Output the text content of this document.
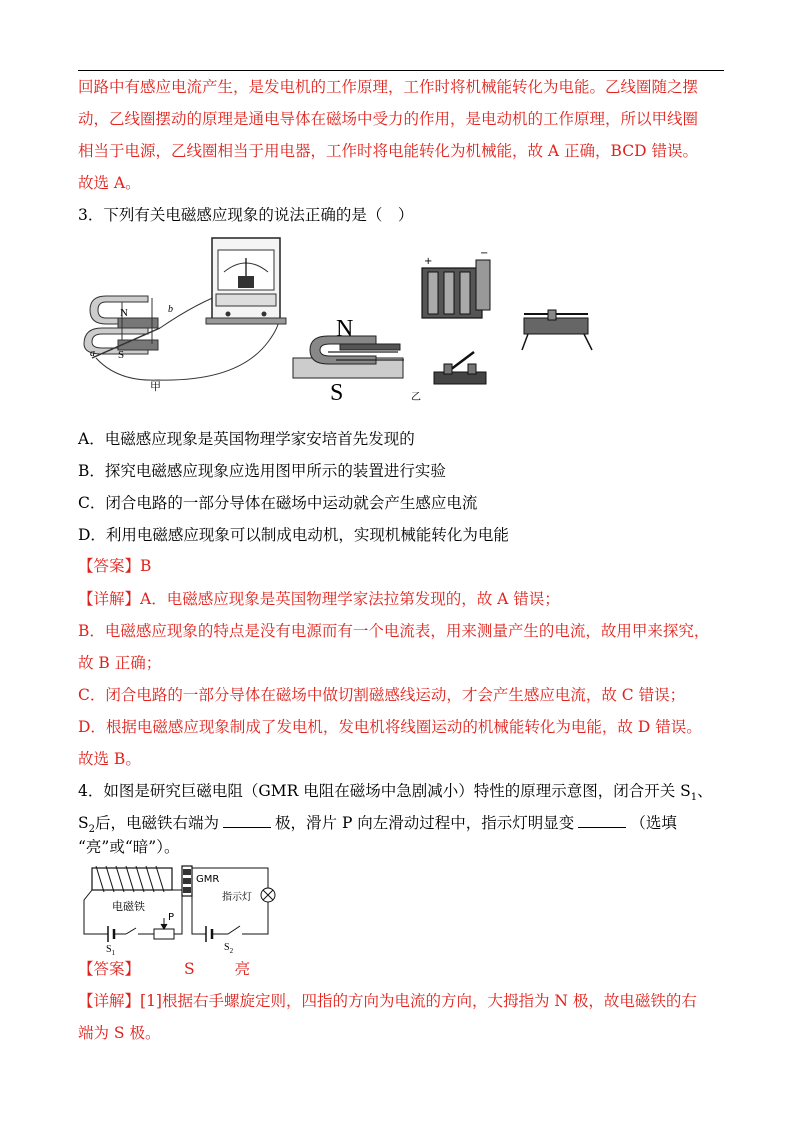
回路中有感应电流产生，是发电机的工作原理，工作时将机械能转化为电能。乙线圈随之摆
动，乙线圈摆动的原理是通电导体在磁场中受力的作用，是电动机的工作原理，所以甲线圈
相当于电源，乙线圈相当于用电器，工作时将电能转化为机械能，故 A 正确，BCD 错误。
故选 A。
3．下列有关电磁感应现象的说法正确的是（　）
N
S
a
b
甲
N
S	乙
+
−
A．电磁感应现象是英国物理学家安培首先发现的
B．探究电磁感应现象应选用图甲所示的装置进行实验
C．闭合电路的一部分导体在磁场中运动就会产生感应电流
D．利用电磁感应现象可以制成电动机，实现机械能转化为电能
【答案】B
【详解】A．电磁感应现象是英国物理学家法拉第发现的，故 A 错误；
B．电磁感应现象的特点是没有电源而有一个电流表，用来测量产生的电流，故用甲来探究，
故 B 正确；
C．闭合电路的一部分导体在磁场中做切割磁感线运动，才会产生感应电流，故 C 错误；
D．根据电磁感应现象制成了发电机，发电机将线圈运动的机械能转化为电能，故 D 错误。
故选 B。
4．如图是研究巨磁电阻（GMR 电阻在磁场中急剧减小）特性的原理示意图，闭合开关 $S_1$、
$S_2$后，电磁铁右端为	极，滑片 P 向左滑动过程中，指示灯明显变	（选填
“亮”或“暗”）。
电磁铁
P
$S_1$
GMR
指示灯
$S_2$
【答案】	S	亮
【详解】[1]根据右手螺旋定则，四指的方向为电流的方向，大拇指为 N 极，故电磁铁的右
端为 S 极。
